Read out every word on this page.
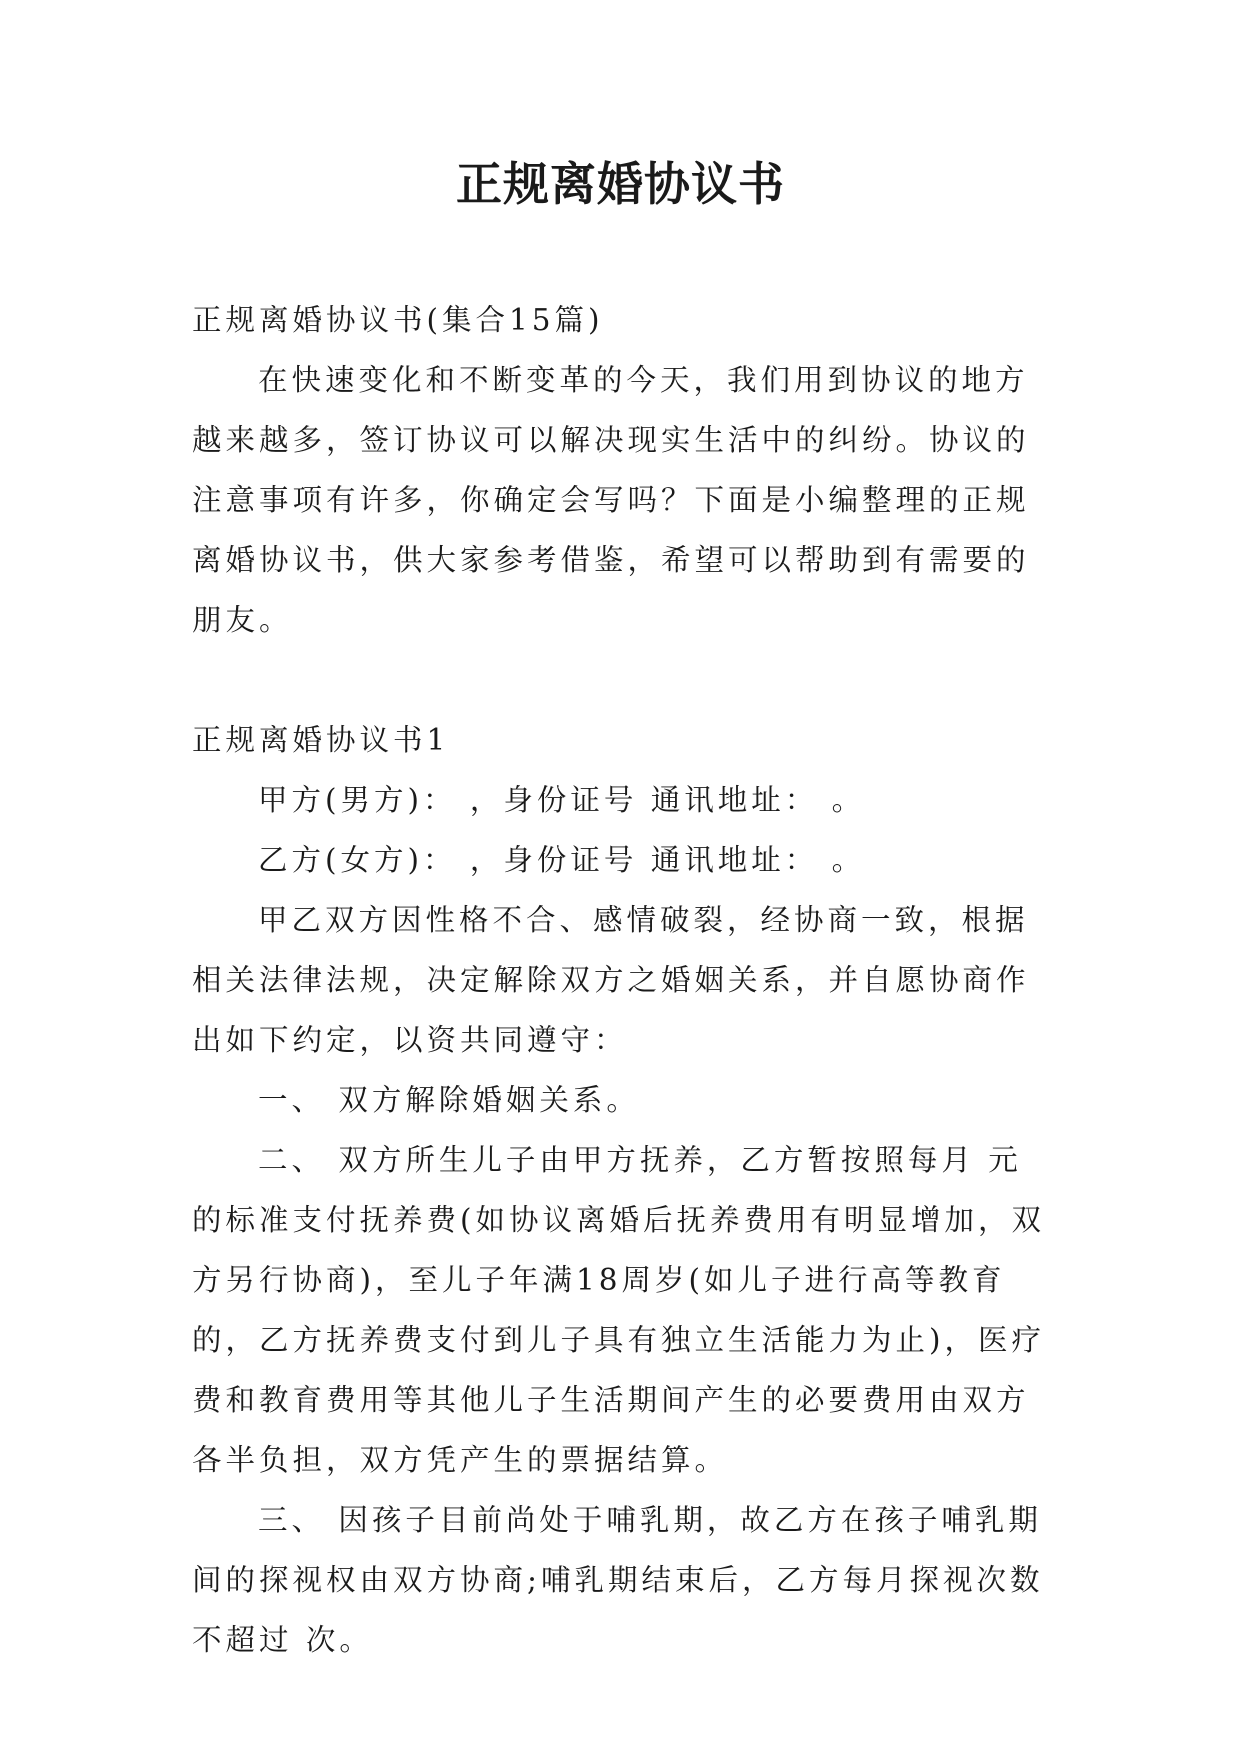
正规离婚协议书

正规离婚协议书(集合15篇)

在快速变化和不断变革的今天，我们用到协议的地方越来越多，签订协议可以解决现实生活中的纠纷。协议的注意事项有许多，你确定会写吗？下面是小编整理的正规离婚协议书，供大家参考借鉴，希望可以帮助到有需要的朋友。

正规离婚协议书1

甲方(男方)： ，身份证号 通讯地址： 。

乙方(女方)： ，身份证号 通讯地址： 。

甲乙双方因性格不合、感情破裂，经协商一致，根据相关法律法规，决定解除双方之婚姻关系，并自愿协商作出如下约定，以资共同遵守：

一、 双方解除婚姻关系。

二、 双方所生儿子由甲方抚养，乙方暂按照每月 元的标准支付抚养费(如协议离婚后抚养费用有明显增加，双方另行协商)，至儿子年满18周岁(如儿子进行高等教育的，乙方抚养费支付到儿子具有独立生活能力为止)，医疗费和教育费用等其他儿子生活期间产生的必要费用由双方各半负担，双方凭产生的票据结算。

三、 因孩子目前尚处于哺乳期，故乙方在孩子哺乳期间的探视权由双方协商;哺乳期结束后，乙方每月探视次数不超过 次。
